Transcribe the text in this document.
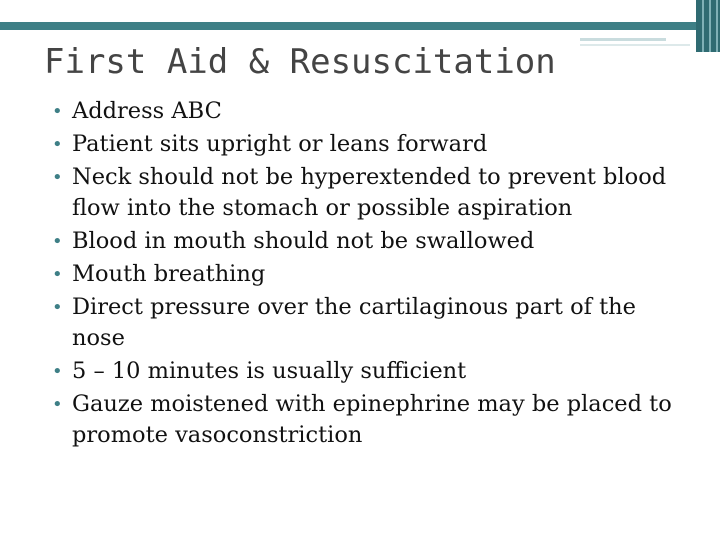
First Aid & Resuscitation
• Address ABC
• Patient sits upright or leans forward
• Neck should not be hyperextended to prevent blood flow into the stomach or possible aspiration
• Blood in mouth should not be swallowed
• Mouth breathing
• Direct pressure over the cartilaginous part of the nose
• 5 – 10 minutes is usually sufficient
• Gauze moistened with epinephrine may be placed to promote vasoconstriction
